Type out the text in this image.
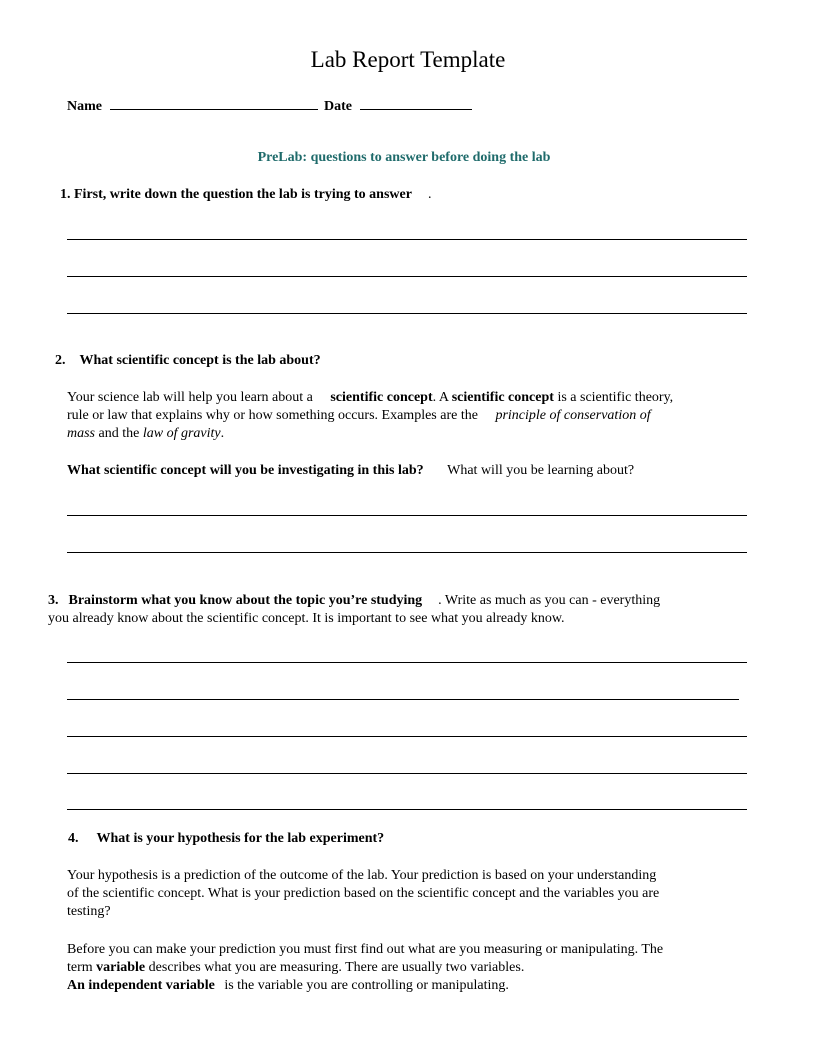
Lab Report Template
Name	Date
PreLab: questions to answer before doing the lab
1. First, write down the question the lab is trying to answer .
2. What scientific concept is the lab about?
Your science lab will help you learn about a scientific concept. A scientific concept is a scientific theory,
rule or law that explains why or how something occurs. Examples are the principle of conservation of
mass and the law of gravity.
What scientific concept will you be investigating in this lab? What will you be learning about?
3. Brainstorm what you know about the topic you’re studying . Write as much as you can - everything
you already know about the scientific concept. It is important to see what you already know.
4. What is your hypothesis for the lab experiment?
Your hypothesis is a prediction of the outcome of the lab. Your prediction is based on your understanding
of the scientific concept. What is your prediction based on the scientific concept and the variables you are
testing?
Before you can make your prediction you must first find out what are you measuring or manipulating. The
term variable describes what you are measuring. There are usually two variables.
An independent variable is the variable you are controlling or manipulating.
